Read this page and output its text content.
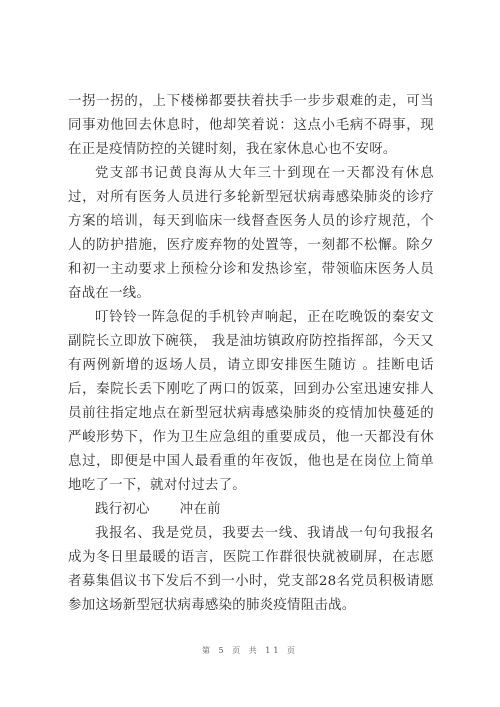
一拐一拐的，上下楼梯都要扶着扶手一步步艰难的走，可当同事劝他回去休息时，他却笑着说：这点小毛病不碍事，现在正是疫情防控的关键时刻，我在家休息心也不安呀。

党支部书记黄良海从大年三十到现在一天都没有休息过，对所有医务人员进行多轮新型冠状病毒感染肺炎的诊疗方案的培训，每天到临床一线督查医务人员的诊疗规范，个人的防护措施，医疗废弃物的处置等，一刻都不松懈。除夕和初一主动要求上预检分诊和发热诊室，带领临床医务人员奋战在一线。

叮铃铃一阵急促的手机铃声响起，正在吃晚饭的秦安文副院长立即放下碗筷， 我是油坊镇政府防控指挥部，今天又有两例新增的返场人员，请立即安排医生随访 。挂断电话后，秦院长丢下刚吃了两口的饭菜，回到办公室迅速安排人员前往指定地点在新型冠状病毒感染肺炎的疫情加快蔓延的严峻形势下，作为卫生应急组的重要成员，他一天都没有休息过，即便是中国人最看重的年夜饭，他也是在岗位上简单地吃了一下，就对付过去了。

践行初心 冲在前

我报名、我是党员，我要去一线、我请战一句句我报名成为冬日里最暖的语言，医院工作群很快就被刷屏，在志愿者募集倡议书下发后不到一小时，党支部28名党员积极请愿参加这场新型冠状病毒感染的肺炎疫情阻击战。

第 5 页 共 11 页
